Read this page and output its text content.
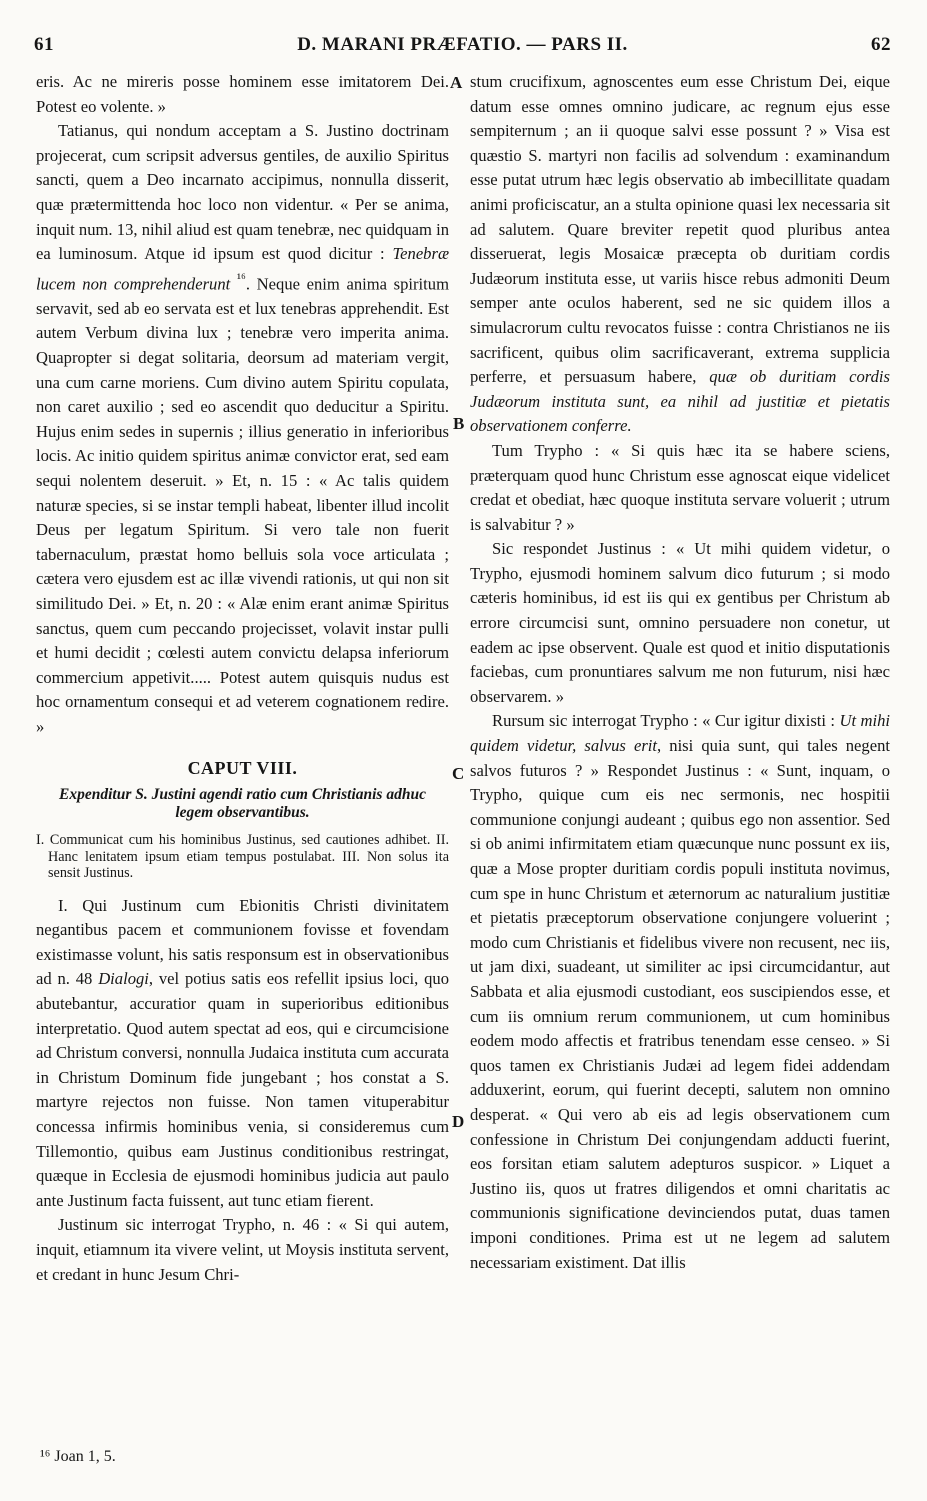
61	D. MARANI PRÆFATIO. — PARS II.	62

eris. Ac ne mireris posse hominem esse imitatorem Dei. Potest eo volente. »

Tatianus, qui nondum acceptam a S. Justino doctrinam projecerat, cum scripsit adversus gentiles, de auxilio Spiritus sancti, quem a Deo incarnato accipimus, nonnulla disserit, quæ prætermittenda hoc loco non videntur. « Per se anima, inquit num. 13, nihil aliud est quam tenebræ, nec quidquam in ea luminosum. Atque id ipsum est quod dicitur : Tenebræ lucem non comprehenderunt $^{^{16}}$. Neque enim anima spiritum servavit, sed ab eo servata est et lux tenebras apprehendit. Est autem Verbum divina lux ; tenebræ vero imperita anima. Quapropter si degat solitaria, deorsum ad materiam vergit, una cum carne moriens. Cum divino autem Spiritu copulata, non caret auxilio ; sed eo ascendit quo deducitur a Spiritu. Hujus enim sedes in supernis ; illius generatio in inferioribus locis. Ac initio quidem spiritus animæ convictor erat, sed eam sequi nolentem deseruit. » Et, n. 15 : « Ac talis quidem naturæ species, si se instar templi habeat, libenter illud incolit Deus per legatum Spiritum. Si vero tale non fuerit tabernaculum, præstat homo belluis sola voce articulata ; cætera vero ejusdem est ac illæ vivendi rationis, ut qui non sit similitudo Dei. » Et, n. 20 : « Alæ enim erant animæ Spiritus sanctus, quem cum peccando projecisset, volavit instar pulli et humi decidit ; cœlesti autem convictu delapsa inferiorum commercium appetivit..... Potest autem quisquis nudus est hoc ornamentum consequi et ad veterem cognationem redire. »

CAPUT VIII.
Expenditur S. Justini agendi ratio cum Christianis adhuc legem observantibus.
I. Communicat cum his hominibus Justinus, sed cautiones adhibet. II. Hanc lenitatem ipsum etiam tempus postulabat. III. Non solus ita sensit Justinus.

I. Qui Justinum cum Ebionitis Christi divinitatem negantibus pacem et communionem fovisse et fovendam existimasse volunt, his satis responsum est in observationibus ad n. 48 Dialogi, vel potius satis eos refellit ipsius loci, quo abutebantur, accuratior quam in superioribus editionibus interpretatio. Quod autem spectat ad eos, qui e circumcisione ad Christum conversi, nonnulla Judaica instituta cum accurata in Christum Dominum fide jungebant ; hos constat a S. martyre rejectos non fuisse. Non tamen vituperabitur concessa infirmis hominibus venia, si consideremus cum Tillemontio, quibus eam Justinus conditionibus restringat, quæque in Ecclesia de ejusmodi hominibus judicia aut paulo ante Justinum facta fuissent, aut tunc etiam fierent.

Justinum sic interrogat Trypho, n. 46 : « Si qui autem, inquit, etiamnum ita vivere velint, ut Moysis instituta servent, et credant in hunc Jesum Chri-

stum crucifixum, agnoscentes eum esse Christum Dei, eique datum esse omnes omnino judicare, ac regnum ejus esse sempiternum ; an ii quoque salvi esse possunt ? » Visa est quæstio S. martyri non facilis ad solvendum : examinandum esse putat utrum hæc legis observatio ab imbecillitate quadam animi proficiscatur, an a stulta opinione quasi lex necessaria sit ad salutem. Quare breviter repetit quod pluribus antea disseruerat, legis Mosaicæ præcepta ob duritiam cordis Judæorum instituta esse, ut variis hisce rebus admoniti Deum semper ante oculos haberent, sed ne sic quidem illos a simulacrorum cultu revocatos fuisse : contra Christianos ne iis sacrificent, quibus olim sacrificaverant, extrema supplicia perferre, et persuasum habere, quæ ob duritiam cordis Judæorum instituta sunt, ea nihil ad justitiæ et pietatis observationem conferre.

Tum Trypho : « Si quis hæc ita se habere sciens, præterquam quod hunc Christum esse agnoscat eique videlicet credat et obediat, hæc quoque instituta servare voluerit ; utrum is salvabitur ? »

Sic respondet Justinus : « Ut mihi quidem videtur, o Trypho, ejusmodi hominem salvum dico futurum ; si modo cæteris hominibus, id est iis qui ex gentibus per Christum ab errore circumcisi sunt, omnino persuadere non conetur, ut eadem ac ipse observent. Quale est quod et initio disputationis faciebas, cum pronuntiares salvum me non futurum, nisi hæc observarem. »

Rursum sic interrogat Trypho : « Cur igitur dixisti : Ut mihi quidem videtur, salvus erit, nisi quia sunt, qui tales negent salvos futuros ? » Respondet Justinus : « Sunt, inquam, o Trypho, quique cum eis nec sermonis, nec hospitii communione conjungi audeant ; quibus ego non assentior. Sed si ob animi infirmitatem etiam quæcunque nunc possunt ex iis, quæ a Mose propter duritiam cordis populi instituta novimus, cum spe in hunc Christum et æternorum ac naturalium justitiæ et pietatis præceptorum observatione conjungere voluerint ; modo cum Christianis et fidelibus vivere non recusent, nec iis, ut jam dixi, suadeant, ut similiter ac ipsi circumcidantur, aut Sabbata et alia ejusmodi custodiant, eos suscipiendos esse, et cum iis omnium rerum communionem, ut cum hominibus eodem modo affectis et fratribus tenendam esse censeo. » Si quos tamen ex Christianis Judæi ad legem fidei addendam adduxerint, eorum, qui fuerint decepti, salutem non omnino desperat. « Qui vero ab eis ad legis observationem cum confessione in Christum Dei conjungendam adducti fuerint, eos forsitan etiam salutem adepturos suspicor. » Liquet a Justino iis, quos ut fratres diligendos et omni charitatis ac communionis significatione devinciendos putat, duas tamen imponi conditiones. Prima est ut ne legem ad salutem necessariam existiment. Dat illis

A
B
C
D
¹⁶ Joan 1, 5.
